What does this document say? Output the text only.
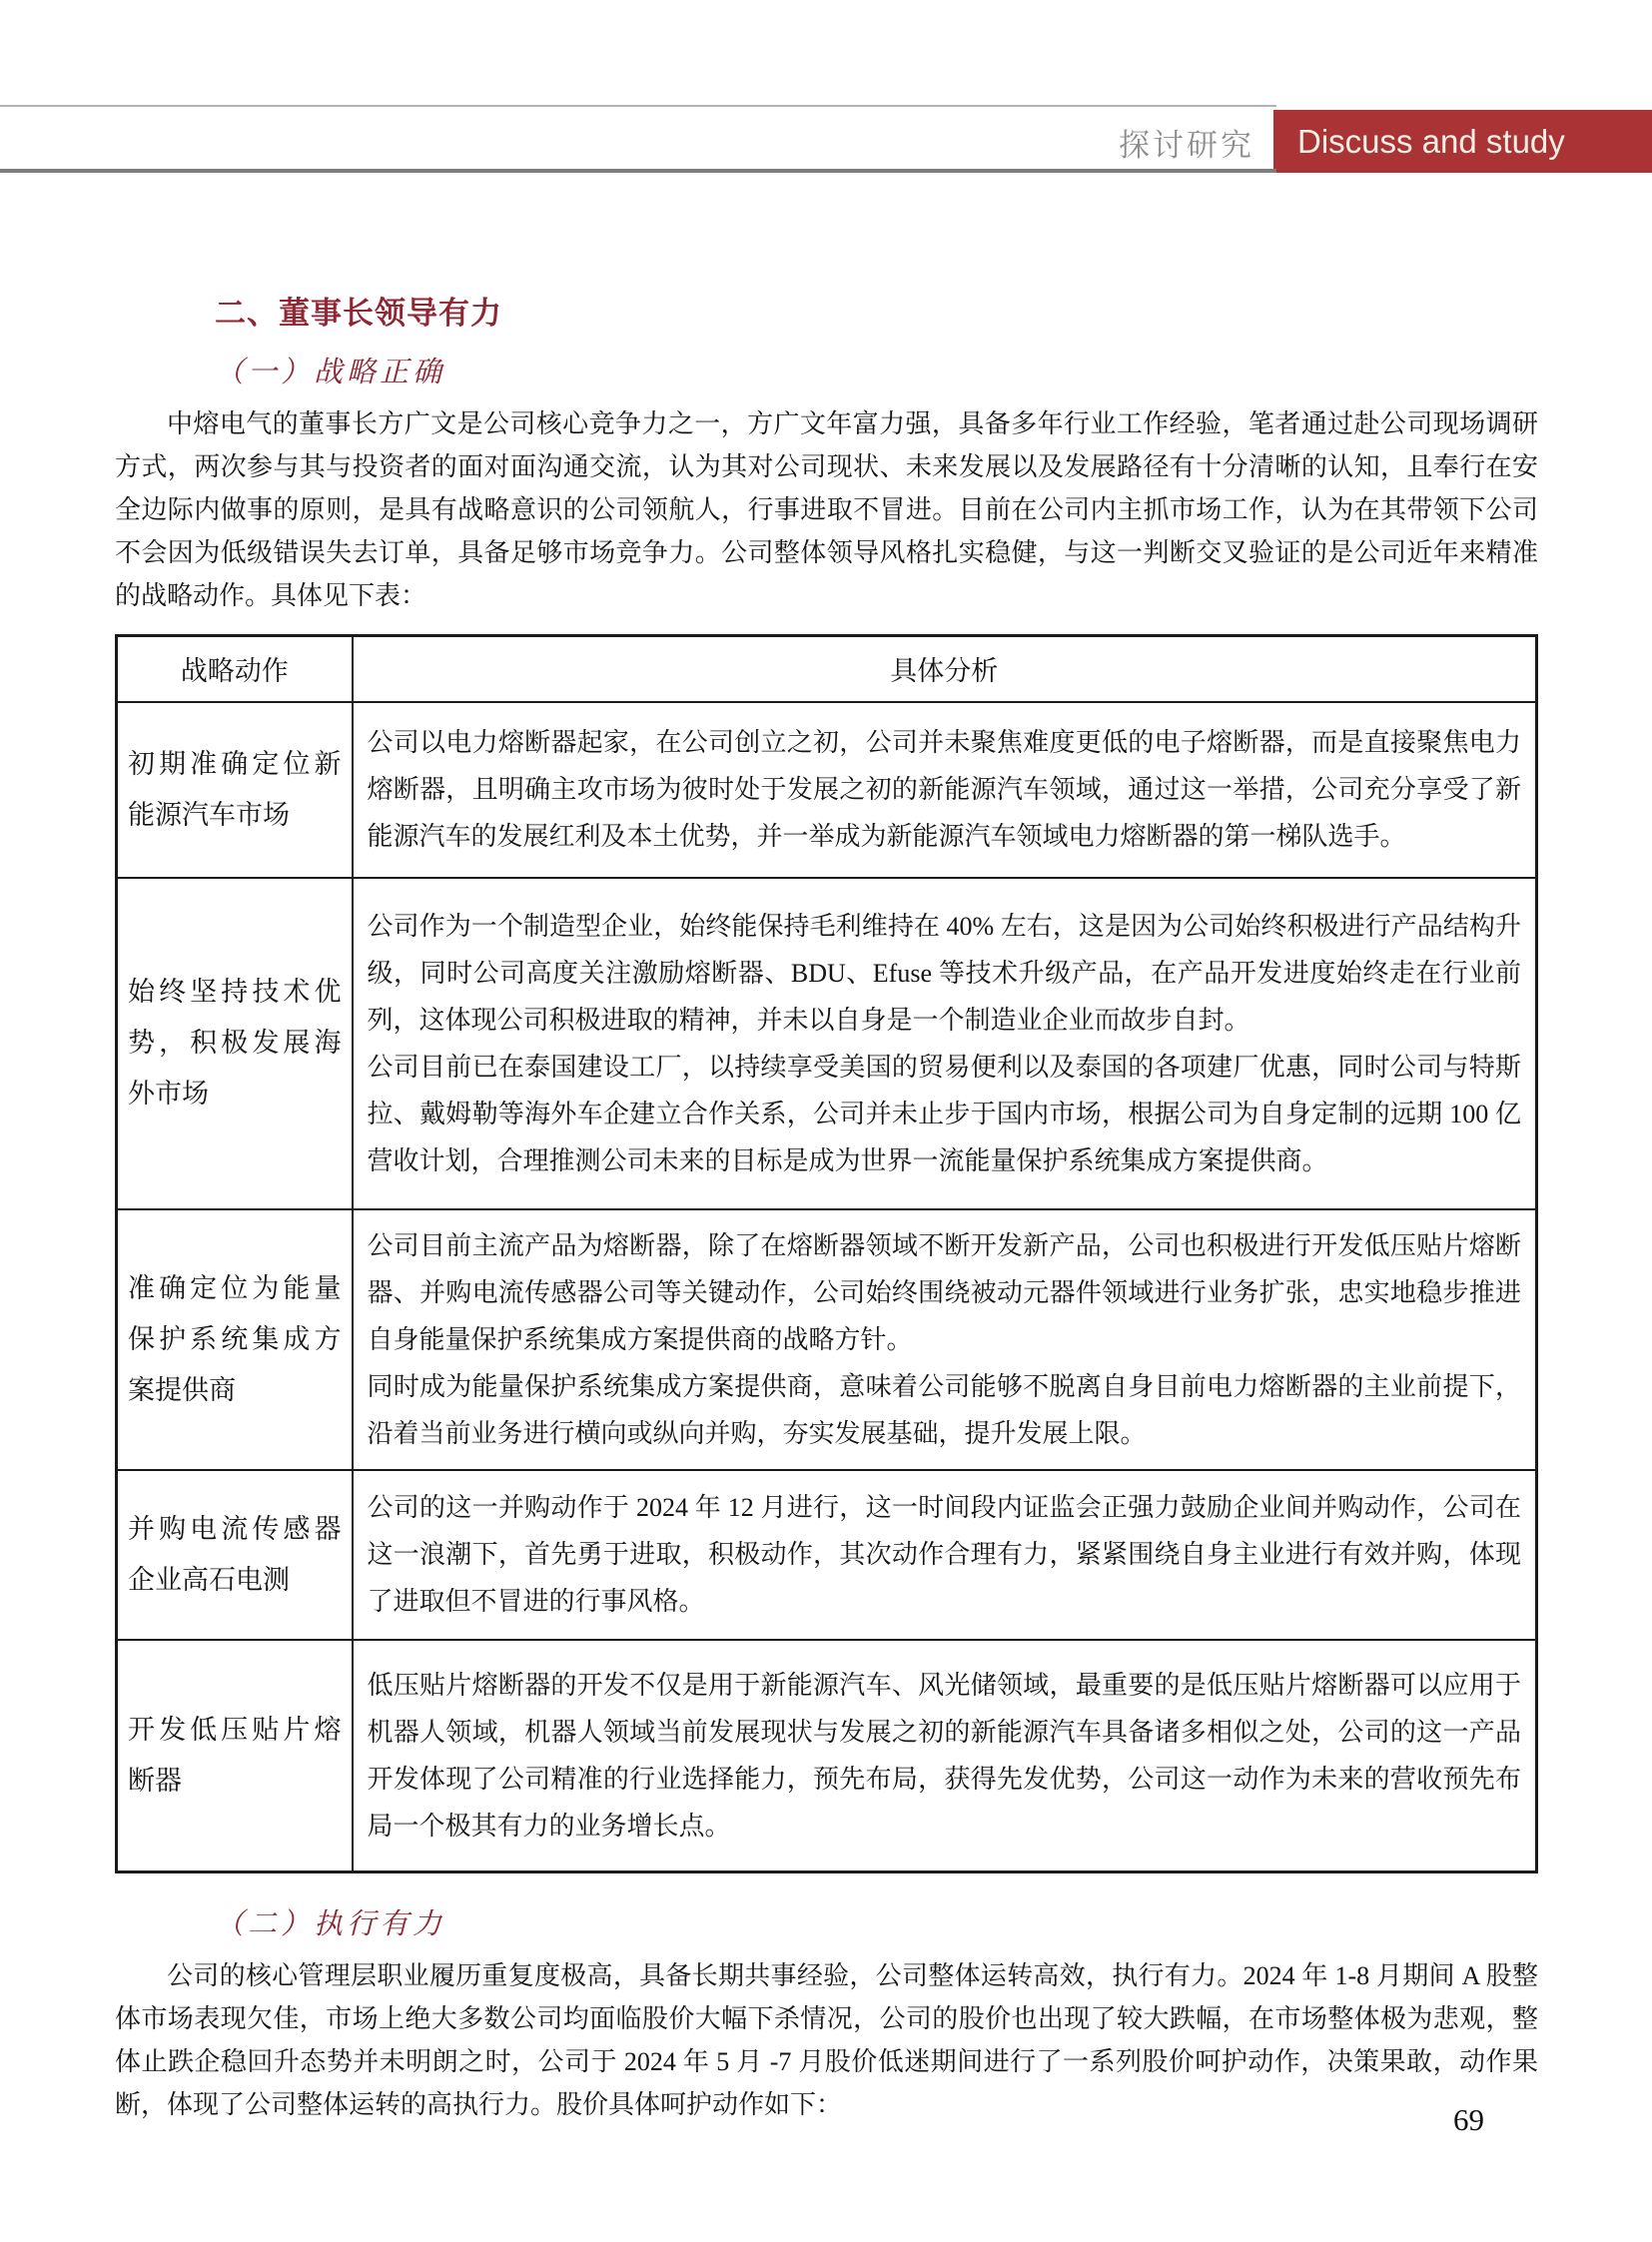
探讨研究 Discuss and study
二、董事长领导有力
（一）战略正确

中熔电气的董事长方广文是公司核心竞争力之一，方广文年富力强，具备多年行业工作经验，笔者通过赴公司现场调研方式，两次参与其与投资者的面对面沟通交流，认为其对公司现状、未来发展以及发展路径有十分清晰的认知，且奉行在安全边际内做事的原则，是具有战略意识的公司领航人，行事进取不冒进。目前在公司内主抓市场工作，认为在其带领下公司不会因为低级错误失去订单，具备足够市场竞争力。公司整体领导风格扎实稳健，与这一判断交叉验证的是公司近年来精准的战略动作。具体见下表：

战略动作	具体分析
初期准确定位新能源汽车市场	公司以电力熔断器起家，在公司创立之初，公司并未聚焦难度更低的电子熔断器，而是直接聚焦电力熔断器，且明确主攻市场为彼时处于发展之初的新能源汽车领域，通过这一举措，公司充分享受了新能源汽车的发展红利及本土优势，并一举成为新能源汽车领域电力熔断器的第一梯队选手。

始终坚持技术优势，积极发展海外市场	公司作为一个制造型企业，始终能保持毛利维持在 40% 左右，这是因为公司始终积极进行产品结构升级，同时公司高度关注激励熔断器、BDU、Efuse 等技术升级产品，在产品开发进度始终走在行业前列，这体现公司积极进取的精神，并未以自身是一个制造业企业而故步自封。

公司目前已在泰国建设工厂，以持续享受美国的贸易便利以及泰国的各项建厂优惠，同时公司与特斯拉、戴姆勒等海外车企建立合作关系，公司并未止步于国内市场，根据公司为自身定制的远期 100 亿营收计划，合理推测公司未来的目标是成为世界一流能量保护系统集成方案提供商。

准确定位为能量保护系统集成方案提供商	公司目前主流产品为熔断器，除了在熔断器领域不断开发新产品，公司也积极进行开发低压贴片熔断器、并购电流传感器公司等关键动作，公司始终围绕被动元器件领域进行业务扩张，忠实地稳步推进自身能量保护系统集成方案提供商的战略方针。

同时成为能量保护系统集成方案提供商，意味着公司能够不脱离自身目前电力熔断器的主业前提下，沿着当前业务进行横向或纵向并购，夯实发展基础，提升发展上限。

并购电流传感器企业高石电测	公司的这一并购动作于 2024 年 12 月进行，这一时间段内证监会正强力鼓励企业间并购动作，公司在这一浪潮下，首先勇于进取，积极动作，其次动作合理有力，紧紧围绕自身主业进行有效并购，体现了进取但不冒进的行事风格。

开发低压贴片熔断器	低压贴片熔断器的开发不仅是用于新能源汽车、风光储领域，最重要的是低压贴片熔断器可以应用于机器人领域，机器人领域当前发展现状与发展之初的新能源汽车具备诸多相似之处，公司的这一产品开发体现了公司精准的行业选择能力，预先布局，获得先发优势，公司这一动作为未来的营收预先布局一个极其有力的业务增长点。

（二）执行有力

公司的核心管理层职业履历重复度极高，具备长期共事经验，公司整体运转高效，执行有力。2024 年 1-8 月期间 A 股整体市场表现欠佳，市场上绝大多数公司均面临股价大幅下杀情况，公司的股价也出现了较大跌幅，在市场整体极为悲观，整体止跌企稳回升态势并未明朗之时，公司于 2024 年 5 月 -7 月股价低迷期间进行了一系列股价呵护动作，决策果敢，动作果断，体现了公司整体运转的高执行力。股价具体呵护动作如下：	69
